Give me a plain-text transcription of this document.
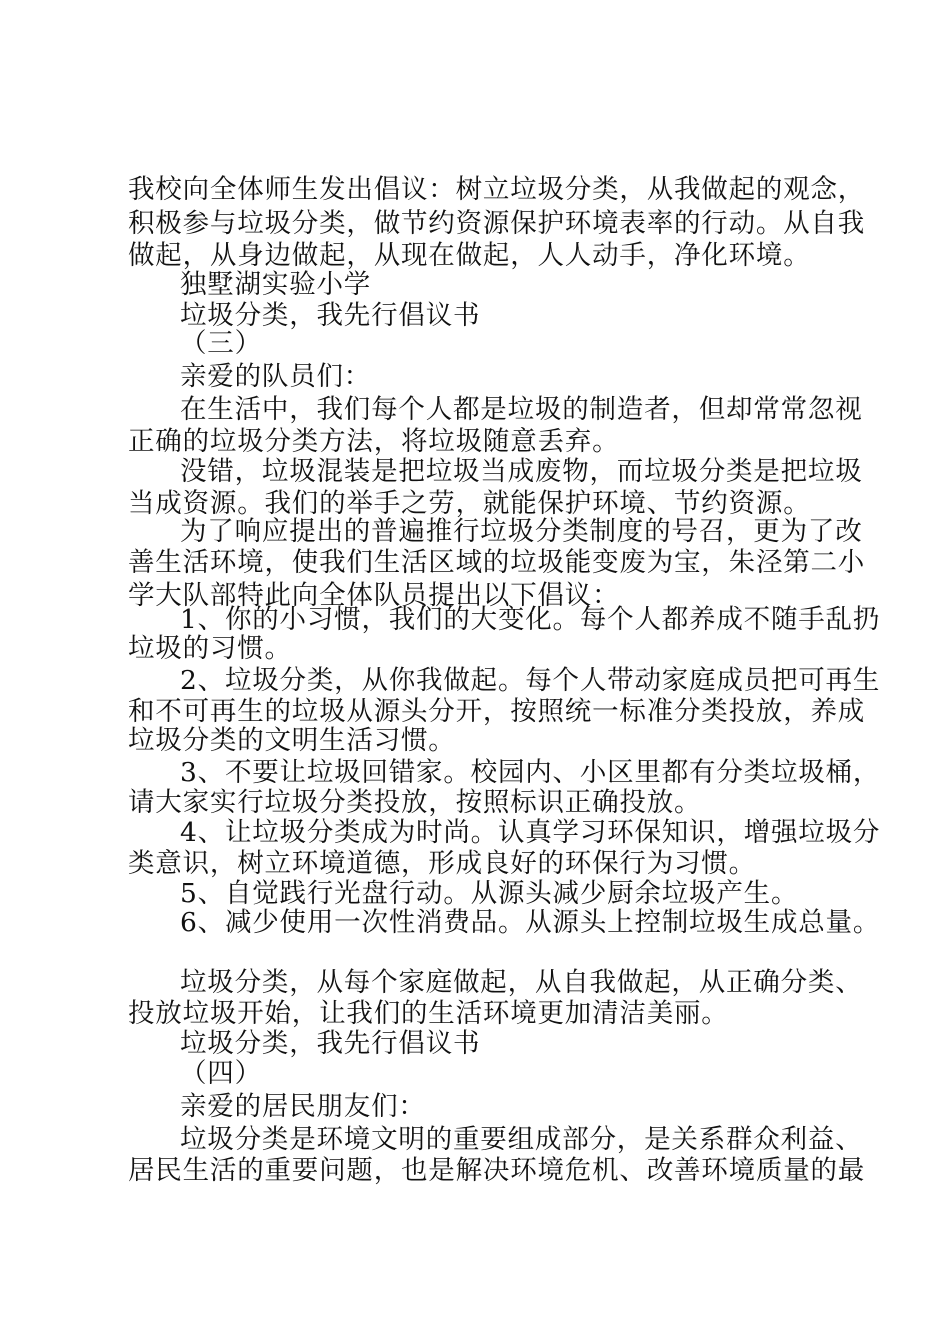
我校向全体师生发出倡议：树立垃圾分类，从我做起的观念，
积极参与垃圾分类，做节约资源保护环境表率的行动。从自我
做起，从身边做起，从现在做起，人人动手，净化环境。
独墅湖实验小学
垃圾分类，我先行倡议书
（三）
亲爱的队员们：
在生活中，我们每个人都是垃圾的制造者，但却常常忽视
正确的垃圾分类方法，将垃圾随意丢弃。
没错，垃圾混装是把垃圾当成废物，而垃圾分类是把垃圾
当成资源。我们的举手之劳，就能保护环境、节约资源。
为了响应提出的普遍推行垃圾分类制度的号召，更为了改
善生活环境，使我们生活区域的垃圾能变废为宝，朱泾第二小
学大队部特此向全体队员提出以下倡议：
1、你的小习惯，我们的大变化。每个人都养成不随手乱扔
垃圾的习惯。
2、垃圾分类，从你我做起。每个人带动家庭成员把可再生
和不可再生的垃圾从源头分开，按照统一标准分类投放，养成
垃圾分类的文明生活习惯。
3、不要让垃圾回错家。校园内、小区里都有分类垃圾桶，
请大家实行垃圾分类投放，按照标识正确投放。
4、让垃圾分类成为时尚。认真学习环保知识，增强垃圾分
类意识，树立环境道德，形成良好的环保行为习惯。
5、自觉践行光盘行动。从源头减少厨余垃圾产生。
6、减少使用一次性消费品。从源头上控制垃圾生成总量。
垃圾分类，从每个家庭做起，从自我做起，从正确分类、
投放垃圾开始，让我们的生活环境更加清洁美丽。
垃圾分类，我先行倡议书
（四）
亲爱的居民朋友们：
垃圾分类是环境文明的重要组成部分，是关系群众利益、
居民生活的重要问题，也是解决环境危机、改善环境质量的最
